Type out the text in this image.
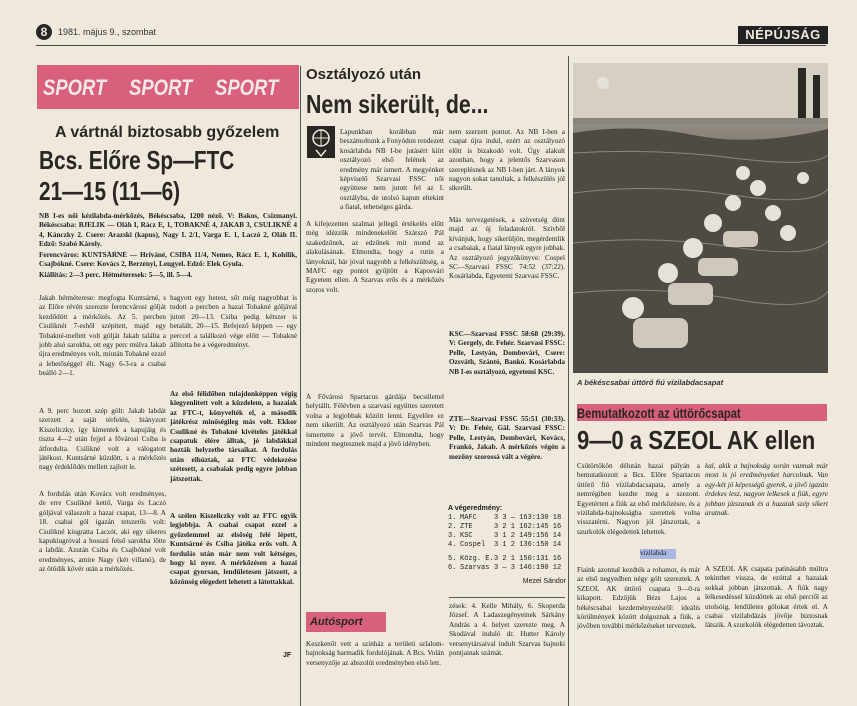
8	1981. május 9., szombat	NÉPÚJSÁG
SPORT SPORT SPORT
A vártnál biztosabb győzelem
Bcs. Előre Sp—FTC
21—15 (11—6)

NB I-es női kézilabda-mérkőzés, Békéscsaba, 1200 néző. V: Bakos, Csizmanyi. Békéscsaba: BJELIK — Oláh I, Rácz E, 1, TOBAKNÉ 4, JAKAB 3, CSULIKNÉ 4 4, Kánczky 2. Csere: Arazski (kapus), Nagy I. 2/1, Varga E. 1, Laczó 2, Oláh II. Edző: Szabó Károly.

Ferencváros: KUNTSÁRNÉ — Hriváné, CSIBA 11/4, Nemes, Rácz E. 1, Kohilik, Csajbókné. Csere: Kovács 2, Berzenyi, Lengyel. Edző: Elek Gyula.

Kiállítás: 2—3 perc. Hétméteresek: 5—5, ill. 5—4.

Jakab hétméterese: megfogta Kuntsárné, s az Előre révén szerezte ferencvárosi gólját kezdődött a mérkőzés. Az 5. percben Csuliknét 7-eshől szépített, majd egy Tobakné-mellett volt gólját Jakab találta a jobb alsó sarokba, ott egy perc múlva Jakab újra eredményes volt, miután Tobakné ezzel a lehetőséggel élt. Nagy 6-3-ra a csabai beálló 2—1.

A 9. perc hozott szép gólt: Jakab labdát szerzett a saját térfelén, hiányzott Kiszeliczky, így kimentek a kapujáig és tiszta 4—2 után fejjel a fővárosi Csiba is átfordulta. Csilikné volt a válogatott játékost. Kuntsárné küzdött, s a mérkőzés nagy érdeklődés mellett zajlott le.

A fordulás után Kovács volt eredményes, de erre Csulikné kettő, Varga és Laczó góljával válaszolt a hazai csapat, 13—8. A 18. csabai gól igazán tetszetős volt: Csulikné kiugratta Laczót, aki egy sikeres kapukiugróval a hosszú felső sarokba lőtte a labdát. Azután Csiba és Csajbókné volt eredményes, amire Nagy (két villanó), de az ötödik kövér után a mérkőzés.

hagyott egy hetest, sőt még nagyobbat is tudott a percben a hazai Tobakné góljával jutott 20—13. Csiba pedig kétszer is betalált, 20—15. Befejező képpen — egy perccel a találkozó vége előtt — Tobakné állította be a végeredményt.

Az első félidőben tulajdonképpen végig kiegyenlített volt a küzdelem, a hazaiak az FTC-t, könyvelték el, a második játékrész minőségileg más volt. Ekkor Csulikné és Tobakné kivételes játékkal csapatuk élére álltak, jó labdákkal hozták helyzetbe társaikat. A fordulás után elhúztak, az FTC védekezése szétesett, a csabaiak pedig egyre jobban játszottak.

A szélen Kiszeliczky volt az FTC egyik legjobbja. A csabai csapat ezzel a győzelemmel az elsőség felé lépett, Kuntsárné és Csiba játéka erős volt. A fordulás után már nem volt kétséges, hogy ki nyer. A mérkőzésen a hazai csapat gyorsan, lendületesen játszott, a közönség elégedett lehetett a látottakkal.

JF
Osztályozó után
Nem sikerült, de...

Lapunkban korábban már beszámoltunk a Fonyódon rendezett kosárlabda NB I-be jutásért kiírt osztályozó első felének az eredmény már ismert. A megyénket képviselő Szarvasi FSSC női együttese nem jutott fel az I. osztályba, de utolsó kapun eltekint a fiatal, tehetséges gárda.

A kifejezetten szalmai jellegű értékelés előtt még idézzük mindenekelőtt Szárszó Pál szakedzőnek, az edzőnek mit mond az alakulásának. Elmondta, hogy a rutin a lányoknál, bár jóval nagyobb a felkészültség, a MAFC egy pontot gyűjtött a Kaposvári Egyetem ellen. A Szarvas erős és a mérkőzés szoros volt.

A Fővárosi Spartacus gárdája becsülettel helytállt. Félévben a szarvasi együttes szeretett volna a legjobbak között lenni. Egyelőre ez nem sikerült. Az osztályozó után Szarvas Pál ismertette a jövő tervét. Elmondta, hogy mindent megtesznek majd a jövő idényben.

nem szerzett pontot. Az NB I-ben a csapat újra indul, ezért az osztályozó előtt is bizakodó volt. Úgy alakult azonban, hogy a jelentős Szarvason szereplésnek az NB I-ben járt. A lányok nagyon sokat tanultak, a felkészülés jól sikerült.

Más tervezgetések, a szövetség dönt majd az új feladatokról. Szívből kívánjuk, hogy sikerüljön, megérdemlik a csabaiak, a fiatal lányok egyre jobbak. Az osztályozó jegyzőkönyve: Cospel SC—Szarvasi FSSC 74:52 (37:22). Kosárlabda, Egyetemi Szarvasi FSSC.

KSC—Szarvasi FSSC 58:68 (29:39). V: Gergely, dr. Fehér. Szarvasi FSSC: Pelle, Lestyán, Dombovári, Csere: Ozsváth, Szántó, Bankó. Kosárlabda NB I-es osztályozó, egyetemi KSC.

ZTE—Szarvasi FSSC 55:51 (30:33). V: Dr. Fehér, Gál. Szarvasi FSSC: Pelle, Lestyán, Dombovári, Kovács, Frankó, Jakab. A mérkőzés végén a mezőny szorossá vált a végére.

A végeredmény:
1. MAFC	3 3 — 163:130 18
2. ZTE	3 2 1 162:145 16
3. KSC	3 1 2 149:156 14
4. Cospel	3 1 2 136:150 14
5. Közg. E. 3 2 1 150:131 16
6. Szarvas 3 — 3 146:190 12
Mezei Sándor
Autósport

Keszkenőt vett a szinház a területi szlalom-bajnokság harmadik fordulójának. A Bcs. Volán versenyzője az abszolút eredményben első lett.

zések: 4. Kelle Mihály, 6. Skoperda József. A Ladaszegényeinek Sárkány András a 4. helyet szerezte meg. A Skodával induló dr. Hutter Károly versenytársaival indult Szarvas bajnoki pontjainak számát.

A békéscsabai úttörő fiú vízilabdacsapat
Bemutatkozott az úttörőcsapat
9—0 a SZEOL AK ellen

Csütörtökön délután hazai pályán a bemutatkozott a Bcs. Előre Spartacus úttörő fiú vízilabdacsapata, amely a nemrégiben kezdte meg a szezont. Egyetértett a fiúk az első mérkőzésre, és a vízilabda-bajnokságba szerettek volna visszatérni. Nagyon jól játszottak, a szurkolók elégedettek lehettek.

vízilabda

Fiaink azonnal kezdték a rohamot, és már az első negyedben négy gólt szereztek. A SZEOL AK úttörő csapata 9—0-ra kikapott. Edzőjük Bézs Lajos a békéscsabai kezdeményezésről: ideális körülmények között dolgoznak a fiúk, a jövőben további mérkőzéseket terveznek.

kal, akik a bajnokság során vannak már most is jó eredményeket harcolnak. Van egy-két jó képességű gyerek, a jövő igazán érdekes lesz, nagyon lelkesek a fiúk, egyre jobban játszanak és a hazaiak szép sikert aratnak.

A SZEOL AK csapata patinásabb múltra tekinthet vissza, de ezúttal a hazaiak sokkal jobban játszottak. A fiúk nagy lelkesedéssel küzdöttek az első perctől az utolsóig, lendületes gólokat értek el. A csabai vízilabdázás jövője biztosnak látszik. A szurkolók elégedetten távoztak.
